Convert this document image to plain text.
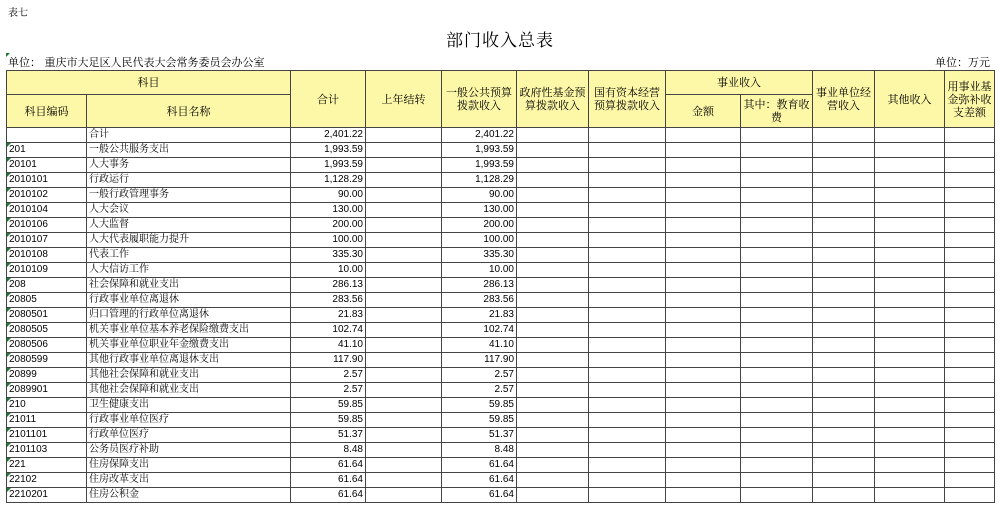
表七
部门收入总表
单位： 重庆市大足区人民代表大会常务委员会办公室	单位：万元
科目		合计	上年结转	一般公共预算拨款收入	政府性基金预算拨款收入	国有资本经营预算拨款收入	事业收入		事业单位经营收入	其他收入	用事业基金弥补收支差额
科目编码	科目名称						金额	其中：教育收费			
	合计	2,401.22		2,401.22							
201	一般公共服务支出	1,993.59		1,993.59							
20101	人大事务	1,993.59		1,993.59							
2010101	行政运行	1,128.29		1,128.29							
2010102	一般行政管理事务	90.00		90.00							
2010104	人大会议	130.00		130.00							
2010106	人大监督	200.00		200.00							
2010107	人大代表履职能力提升	100.00		100.00							
2010108	代表工作	335.30		335.30							
2010109	人大信访工作	10.00		10.00							
208	社会保障和就业支出	286.13		286.13							
20805	行政事业单位离退休	283.56		283.56							
2080501	归口管理的行政单位离退休	21.83		21.83							
2080505	机关事业单位基本养老保险缴费支出	102.74		102.74							
2080506	机关事业单位职业年金缴费支出	41.10		41.10							
2080599	其他行政事业单位离退休支出	117.90		117.90							
20899	其他社会保障和就业支出	2.57		2.57							
2089901	其他社会保障和就业支出	2.57		2.57							
210	卫生健康支出	59.85		59.85							
21011	行政事业单位医疗	59.85		59.85							
2101101	行政单位医疗	51.37		51.37							
2101103	公务员医疗补助	8.48		8.48							
221	住房保障支出	61.64		61.64							
22102	住房改革支出	61.64		61.64							
2210201	住房公积金	61.64		61.64							
